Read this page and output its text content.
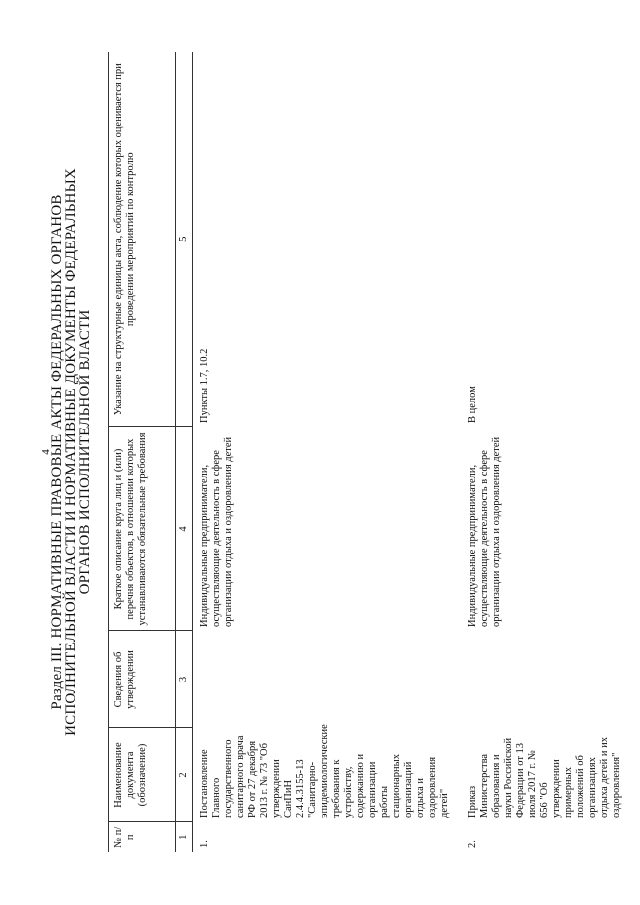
4
Раздел III. НОРМАТИВНЫЕ ПРАВОВЫЕ АКТЫ ФЕДЕРАЛЬНЫХ ОРГАНОВ
ИСПОЛНИТЕЛЬНОЙ ВЛАСТИ И НОРМАТИВНЫЕ ДОКУМЕНТЫ ФЕДЕРАЛЬНЫХ
ОРГАНОВ ИСПОЛНИТЕЛЬНОЙ ВЛАСТИ
№ п/п	Наименование документа (обозначение)	Сведения об утверждении	Краткое описание круга лиц и (или) перечня объектов, в отношении которых устанавливаются обязательные требования	Указание на структурные единицы акта, соблюдение которых оценивается при проведении мероприятий по контролю
1	2	3	4	5
1.	Постановление Главного государственного санитарного врача РФ от 27 декабря 2013 г. № 73 "Об утверждении СанПиН 2.4.4.3155-13 "Санитарно-эпидемиологические требования к устройству, содержанию и организации работы стационарных организаций отдыха и оздоровления детей"		Индивидуальные предприниматели, осуществляющие деятельность в сфере организации отдыха и оздоровления детей	Пункты 1.7, 10.2
2.	Приказ Министерства образования и науки Российской Федерации от 13 июля 2017 г. № 656 "Об утверждении примерных положений об организациях отдыха детей и их оздоровления"		Индивидуальные предприниматели, осуществляющие деятельность в сфере организации отдыха и оздоровления детей	В целом
